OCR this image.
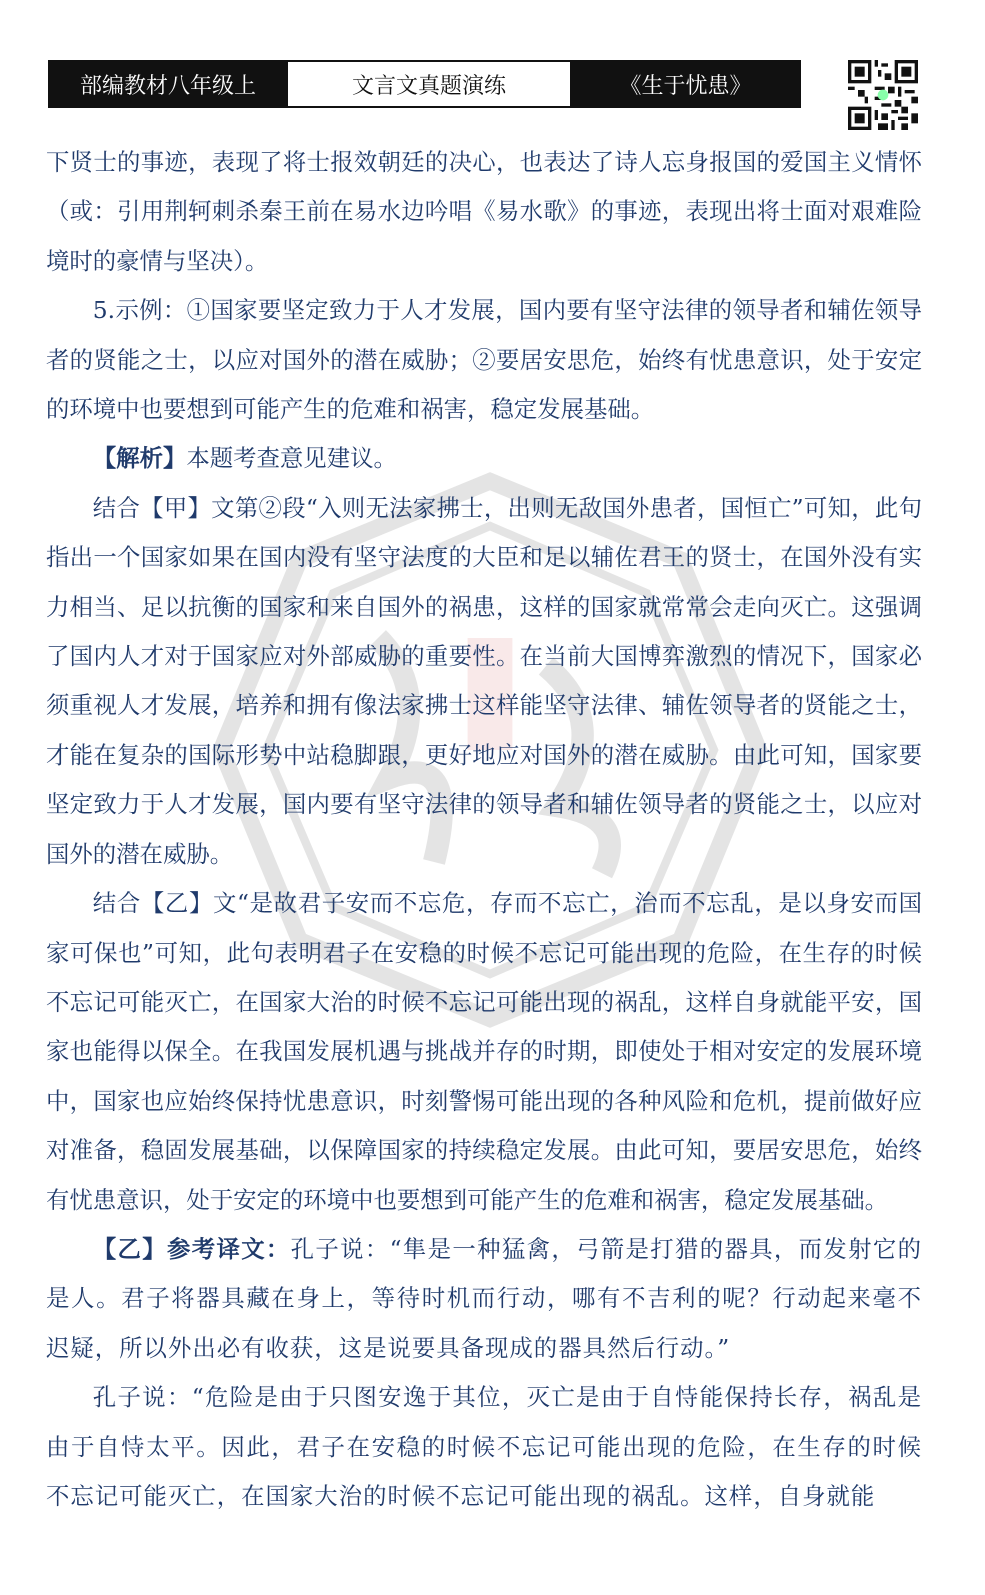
部编教材八年级上	文言文真题演练	《生于忧患》

下贤士的事迹，表现了将士报效朝廷的决心，也表达了诗人忘身报国的爱国主义情怀（或：引用荆轲刺杀秦王前在易水边吟唱《易水歌》的事迹，表现出将士面对艰难险境时的豪情与坚决）。

5.示例：①国家要坚定致力于人才发展，国内要有坚守法律的领导者和辅佐领导者的贤能之士，以应对国外的潜在威胁；②要居安思危，始终有忧患意识，处于安定的环境中也要想到可能产生的危难和祸害，稳定发展基础。

【解析】本题考查意见建议。

结合【甲】文第②段“入则无法家拂士，出则无敌国外患者，国恒亡”可知，此句指出一个国家如果在国内没有坚守法度的大臣和足以辅佐君王的贤士，在国外没有实力相当、足以抗衡的国家和来自国外的祸患，这样的国家就常常会走向灭亡。这强调了国内人才对于国家应对外部威胁的重要性。在当前大国博弈激烈的情况下，国家必须重视人才发展，培养和拥有像法家拂士这样能坚守法律、辅佐领导者的贤能之士，才能在复杂的国际形势中站稳脚跟，更好地应对国外的潜在威胁。由此可知，国家要坚定致力于人才发展，国内要有坚守法律的领导者和辅佐领导者的贤能之士，以应对国外的潜在威胁。

结合【乙】文“是故君子安而不忘危，存而不忘亡，治而不忘乱，是以身安而国家可保也”可知，此句表明君子在安稳的时候不忘记可能出现的危险，在生存的时候不忘记可能灭亡，在国家大治的时候不忘记可能出现的祸乱，这样自身就能平安，国家也能得以保全。在我国发展机遇与挑战并存的时期，即使处于相对安定的发展环境中，国家也应始终保持忧患意识，时刻警惕可能出现的各种风险和危机，提前做好应对准备，稳固发展基础，以保障国家的持续稳定发展。由此可知，要居安思危，始终有忧患意识，处于安定的环境中也要想到可能产生的危难和祸害，稳定发展基础。

【乙】参考译文：孔子说：“隼是一种猛禽，弓箭是打猎的器具，而发射它的是人。君子将器具藏在身上，等待时机而行动，哪有不吉利的呢？行动起来毫不迟疑，所以外出必有收获，这是说要具备现成的器具然后行动。”

孔子说：“危险是由于只图安逸于其位，灭亡是由于自恃能保持长存，祸乱是由于自恃太平。因此，君子在安稳的时候不忘记可能出现的危险，在生存的时候不忘记可能灭亡，在国家大治的时候不忘记可能出现的祸乱。这样，自身就能
